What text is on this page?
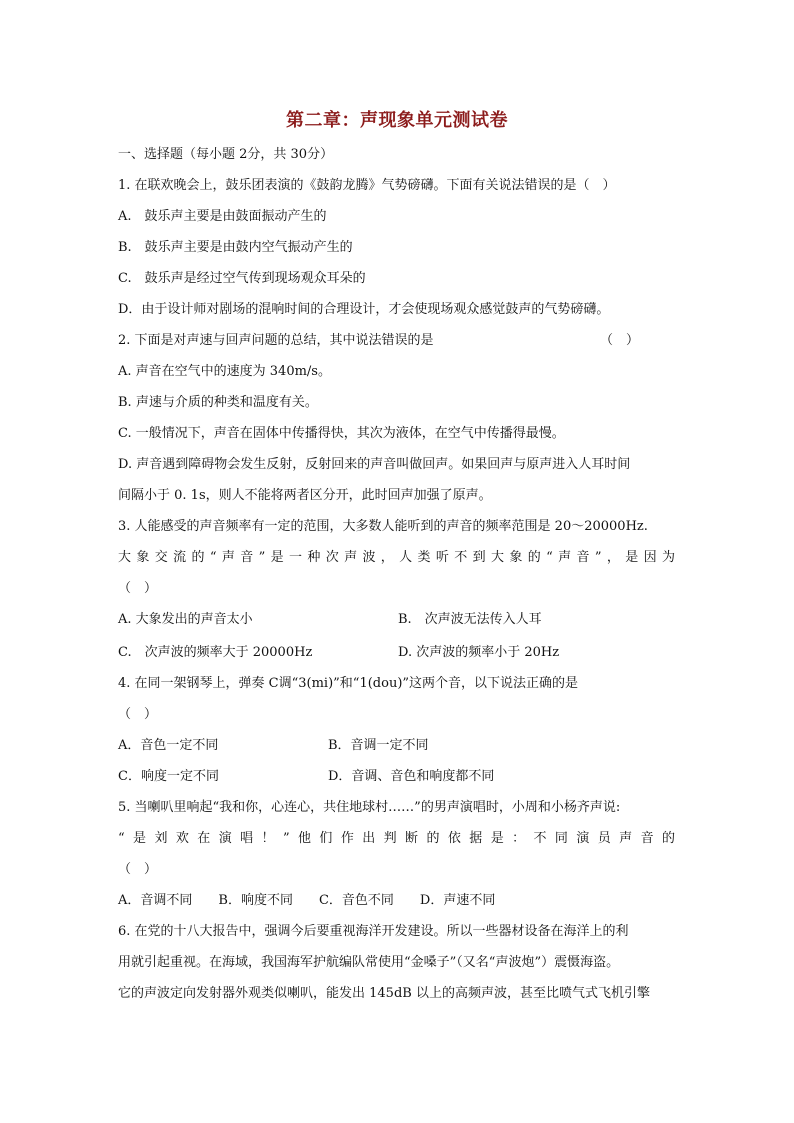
第二章：声现象单元测试卷
一、选择题（每小题 2分，共 30分）
1. 在联欢晚会上，鼓乐团表演的《鼓韵龙腾》气势磅礴。下面有关说法错误的是（　）
A.　鼓乐声主要是由鼓面振动产生的
B.　鼓乐声主要是由鼓内空气振动产生的
C.　鼓乐声是经过空气传到现场观众耳朵的
D．由于设计师对剧场的混响时间的合理设计，才会使现场观众感觉鼓声的气势磅礴。
2. 下面是对声速与回声问题的总结，其中说法错误的是	（　）
A. 声音在空气中的速度为 340m/s。
B. 声速与介质的种类和温度有关。
C. 一般情况下，声音在固体中传播得快，其次为液体，在空气中传播得最慢。
D. 声音遇到障碍物会发生反射，反射回来的声音叫做回声。如果回声与原声进入人耳时间
间隔小于 0. 1s，则人不能将两者区分开，此时回声加强了原声。
3. 人能感受的声音频率有一定的范围，大多数人能听到的声音的频率范围是 20～20000Hz.
大象交流的“声音”是一种次声波，人类听不到大象的“声音”，是因为
（　）
A. 大象发出的声音太小	B.　次声波无法传入人耳
C.　次声波的频率大于 20000Hz	D. 次声波的频率小于 20Hz
4. 在同一架钢琴上，弹奏 C调“3(mi)”和“1(dou)”这两个音，以下说法正确的是
（　）
A．音色一定不同	B．音调一定不同
C．响度一定不同	D．音调、音色和响度都不同
5. 当喇叭里响起“我和你，心连心，共住地球村……”的男声演唱时，小周和小杨齐声说:
“是刘欢在演唱！”他们作出判断的依据是：不同演员声音的
（　）
A．音调不同 B．响度不同 C．音色不同 D．声速不同
6. 在党的十八大报告中，强调今后要重视海洋开发建设。所以一些器材设备在海洋上的利
用就引起重视。在海域，我国海军护航编队常使用“金嗓子”（又名“声波炮”）震慑海盗。
它的声波定向发射器外观类似喇叭，能发出 145dB 以上的高频声波，甚至比喷气式飞机引擎
